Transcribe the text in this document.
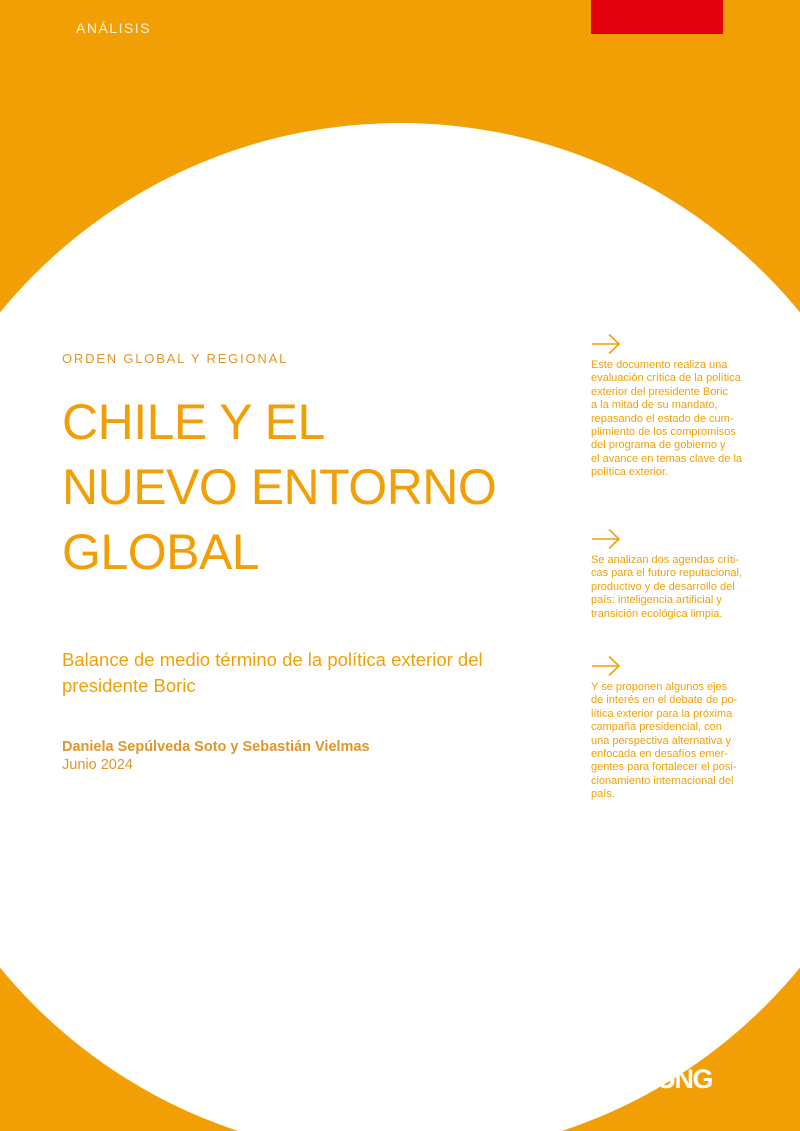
ANÁLISIS
ORDEN GLOBAL Y REGIONAL
CHILE Y EL
NUEVO ENTORNO
GLOBAL
Balance de medio término de la política exterior del presidente Boric
Daniela Sepúlveda Soto y Sebastián Vielmas
Junio 2024

Este documento realiza una
evaluación crítica de la política
exterior del presidente Boric
a la mitad de su mandato,
repasando el estado de cum-
plimiento de los compromisos
del programa de gobierno y
el avance en temas clave de la
política exterior.

Se analizan dos agendas críti-
cas para el futuro reputacional,
productivo y de desarrollo del
país: inteligencia artificial y
transición ecológica limpia.

Y se proponen algunos ejes
de interés en el debate de po-
lítica exterior para la próxima
campaña presidencial, con
una perspectiva alternativa y
enfocada en desafíos emer-
gentes para fortalecer el posi-
cionamiento internacional del
país.

FRIEDRICH
EBERT
STIFTUNG
